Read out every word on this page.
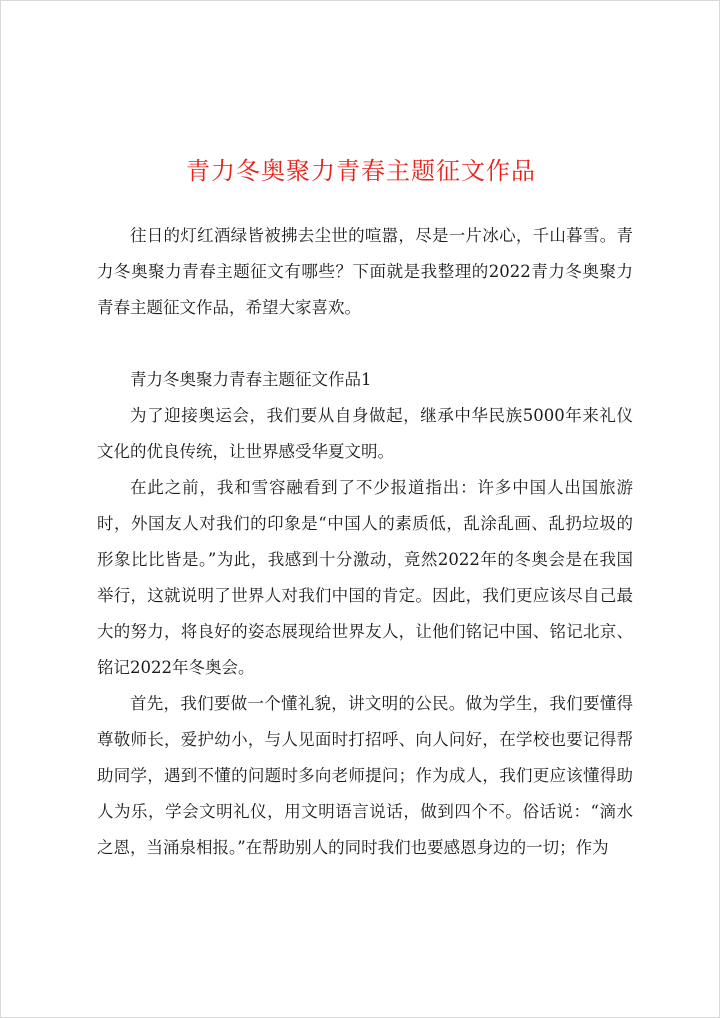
青力冬奥聚力青春主题征文作品

往日的灯红酒绿皆被拂去尘世的喧嚣，尽是一片冰心，千山暮雪。青力冬奥聚力青春主题征文有哪些？下面就是我整理的2022青力冬奥聚力青春主题征文作品，希望大家喜欢。

青力冬奥聚力青春主题征文作品1

为了迎接奥运会，我们要从自身做起，继承中华民族5000年来礼仪文化的优良传统，让世界感受华夏文明。

在此之前，我和雪容融看到了不少报道指出：许多中国人出国旅游时，外国友人对我们的印象是“中国人的素质低，乱涂乱画、乱扔垃圾的形象比比皆是。”为此，我感到十分激动，竟然2022年的冬奥会是在我国举行，这就说明了世界人对我们中国的肯定。因此，我们更应该尽自己最大的努力，将良好的姿态展现给世界友人，让他们铭记中国、铭记北京、铭记2022年冬奥会。

首先，我们要做一个懂礼貌，讲文明的公民。做为学生，我们要懂得尊敬师长，爱护幼小，与人见面时打招呼、向人问好，在学校也要记得帮助同学，遇到不懂的问题时多向老师提问；作为成人，我们更应该懂得助人为乐，学会文明礼仪，用文明语言说话，做到四个不。俗话说：“滴水之恩，当涌泉相报。”在帮助别人的同时我们也要感恩身边的一切；作为
